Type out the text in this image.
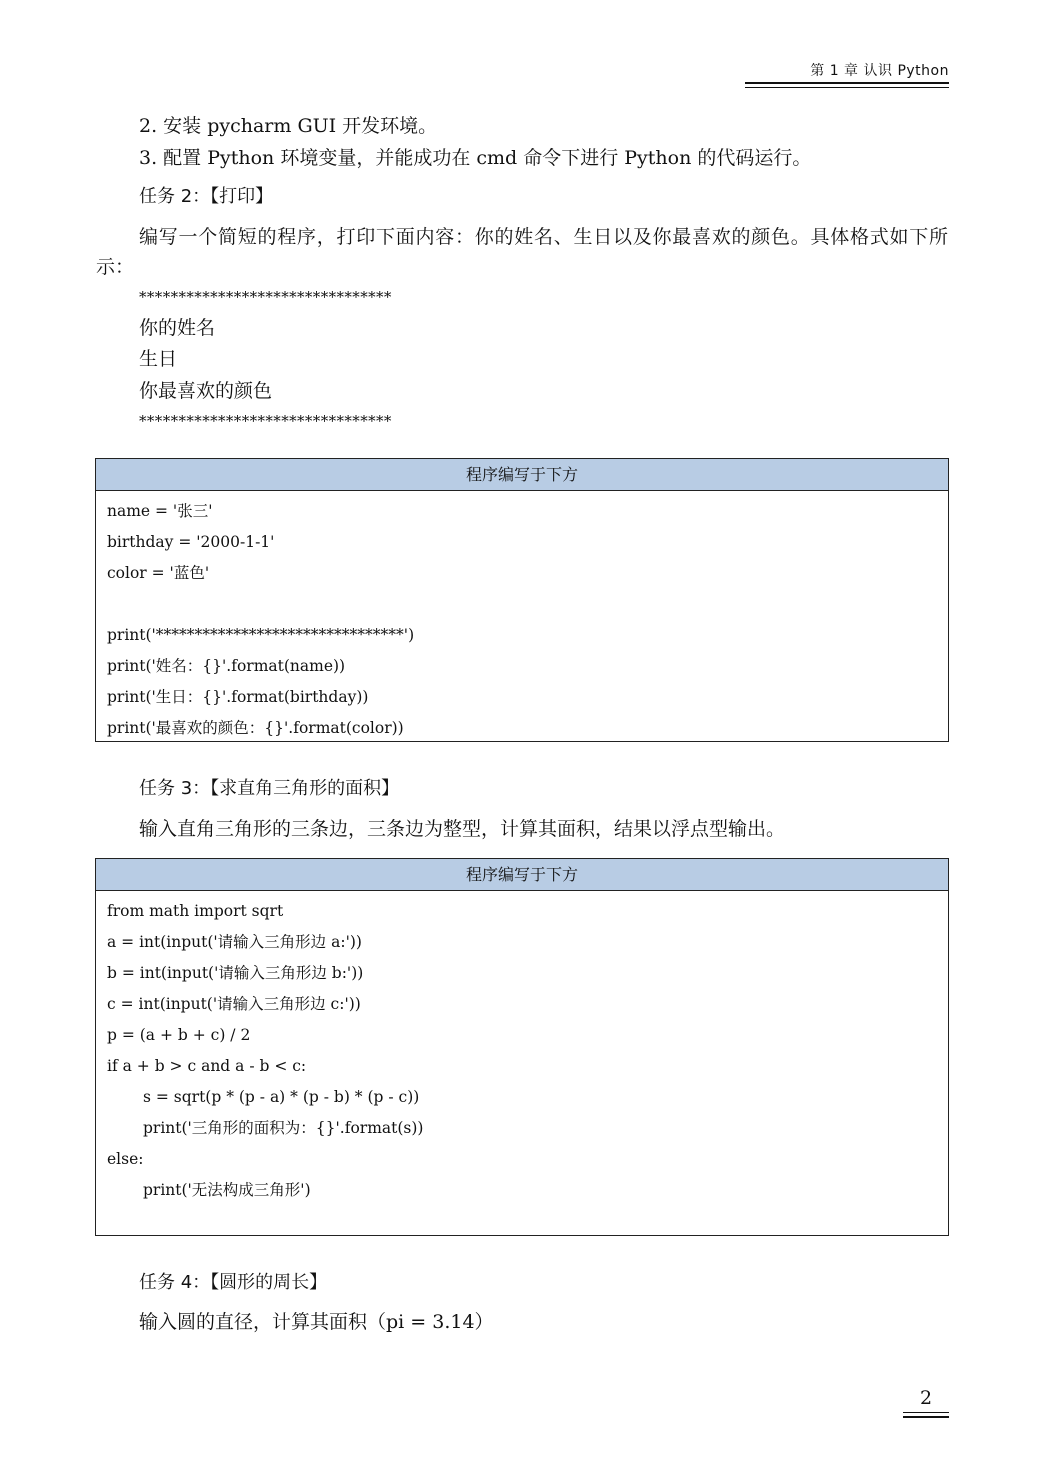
第 1 章 认识 Python
2. 安装 pycharm GUI 开发环境。
3. 配置 Python 环境变量，并能成功在 cmd 命令下进行 Python 的代码运行。
任务 2：【打印】
编写一个简短的程序，打印下面内容：你的姓名、生日以及你最喜欢的颜色。具体格式如下所示：
********************************
你的姓名
生日
你最喜欢的颜色
********************************
程序编写于下方
name = '张三'
birthday = '2000-1-1'
color = '蓝色'
print('********************************')
print('姓名：{}'.format(name))
print('生日：{}'.format(birthday))
print('最喜欢的颜色：{}'.format(color))
任务 3：【求直角三角形的面积】
输入直角三角形的三条边，三条边为整型，计算其面积，结果以浮点型输出。
程序编写于下方
from math import sqrt
a = int(input('请输入三角形边 a:'))
b = int(input('请输入三角形边 b:'))
c = int(input('请输入三角形边 c:'))
p = (a + b + c) / 2
if a + b > c and a - b < c:
s = sqrt(p * (p - a) * (p - b) * (p - c))
print('三角形的面积为：{}'.format(s))
else:
print('无法构成三角形')
任务 4：【圆形的周长】
输入圆的直径，计算其面积（pi = 3.14）
2
